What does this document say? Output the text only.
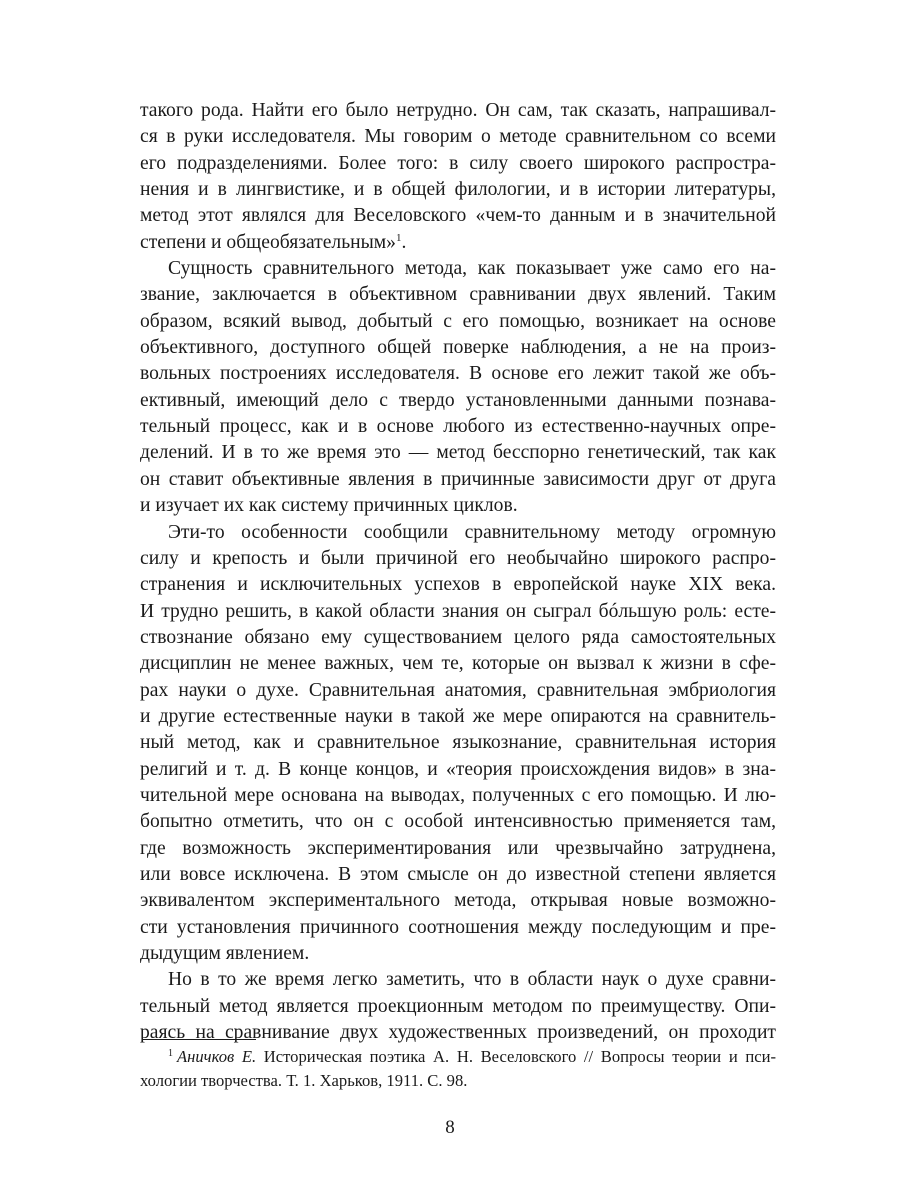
такого рода. Найти его было нетрудно. Он сам, так сказать, напрашивал-
ся в руки исследователя. Мы говорим о методе сравнительном со всеми
его подразделениями. Более того: в силу своего широкого распростра-
нения и в лингвистике, и в общей филологии, и в истории литературы,
метод этот являлся для Веселовского «чем-то данным и в значительной
степени и общеобязательным»$^1$.
Сущность сравнительного метода, как показывает уже само его на-
звание, заключается в объективном сравнивании двух явлений. Таким
образом, всякий вывод, добытый с его помощью, возникает на основе
объективного, доступного общей поверке наблюдения, а не на произ-
вольных построениях исследователя. В основе его лежит такой же объ-
ективный, имеющий дело с твердо установленными данными познава-
тельный процесс, как и в основе любого из естественно-научных опре-
делений. И в то же время это — метод бесспорно генетический, так как
он ставит объективные явления в причинные зависимости друг от друга
и изучает их как систему причинных циклов.
Эти-то особенности сообщили сравнительному методу огромную
силу и крепость и были причиной его необычайно широкого распро-
странения и исключительных успехов в европейской науке XIX века.
И трудно решить, в какой области знания он сыграл бóльшую роль: есте-
ствознание обязано ему существованием целого ряда самостоятельных
дисциплин не менее важных, чем те, которые он вызвал к жизни в сфе-
рах науки о духе. Сравнительная анатомия, сравнительная эмбриология
и другие естественные науки в такой же мере опираются на сравнитель-
ный метод, как и сравнительное языкознание, сравнительная история
религий и т. д. В конце концов, и «теория происхождения видов» в зна-
чительной мере основана на выводах, полученных с его помощью. И лю-
бопытно отметить, что он с особой интенсивностью применяется там,
где возможность экспериментирования или чрезвычайно затруднена,
или вовсе исключена. В этом смысле он до известной степени является
эквивалентом экспериментального метода, открывая новые возможно-
сти установления причинного соотношения между последующим и пре-
дыдущим явлением.
Но в то же время легко заметить, что в области наук о духе сравни-
тельный метод является проекционным методом по преимуществу. Опи-
раясь на сравнивание двух художественных произведений, он проходит
$^1$ Аничков Е. Историческая поэтика А. Н. Веселовского // Вопросы теории и пси-
хологии творчества. Т. 1. Харьков, 1911. С. 98.
8
